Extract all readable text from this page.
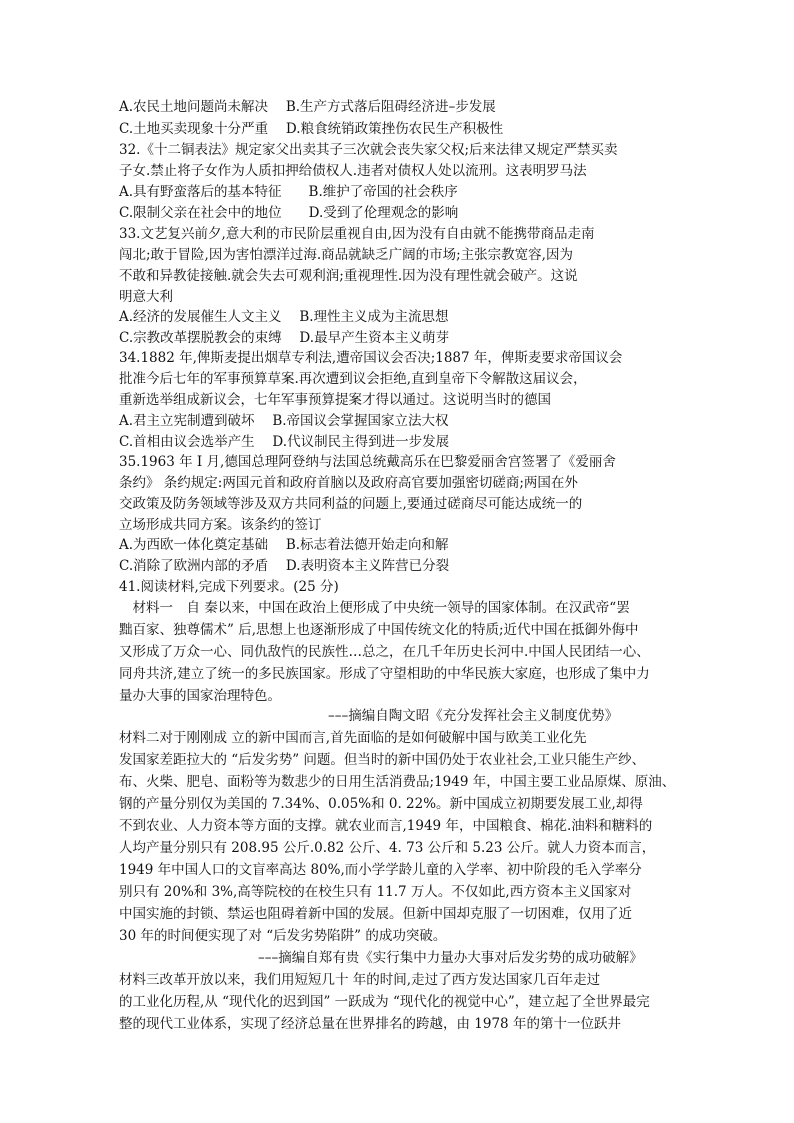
A.农民土地问题尚未解决　 B.生产方式落后阻碍经济进–步发展
C.土地买卖现象十分严重　 D.粮食统销政策挫伤农民生产积极性
32.《十二铜表法》规定家父出卖其子三次就会丧失家父权;后来法律又规定严禁买卖
子女.禁止将子女作为人质扣押给债权人.违者对债权人处以流刑。这表明罗马法
A.具有野蛮落后的基本特征　　B.维护了帝国的社会秩序
C.限制父亲在社会中的地位　　D.受到了伦理观念的影响
33.文艺复兴前夕,意大利的市民阶层重视自由,因为没有自由就不能携带商品走南
闯北;敢于冒险,因为害怕漂洋过海.商品就缺乏广阔的市场;主张宗教宽容,因为
不敢和异教徒接触.就会失去可观利润;重视理性.因为没有理性就会破产。这说
明意大利
A.经济的发展催生人文主义　 B.理性主义成为主流思想
C.宗教改革摆脱教会的束缚　 D.最早产生资本主义萌芽
34.1882 年,俾斯麦提出烟草专利法,遭帝国议会否决;1887 年，俾斯麦要求帝国议会
批准今后七年的军事预算草案.再次遭到议会拒绝,直到皇帝下令解散这届议会，
重新选举组成新议会，七年军事预算提案才得以通过。这说明当时的德国
A.君主立宪制遭到破坏　 B.帝国议会掌握国家立法大权
C.首相由议会选举产生　 D.代议制民主得到进一步发展
35.1963 年 I 月,德国总理阿登纳与法国总统戴高乐在巴黎爱丽舍宫签署了《爱丽舍
条约》 条约规定:两国元首和政府首脑以及政府高官要加强密切磋商;两国在外
交政策及防务领域等涉及双方共同利益的问题上,要通过磋商尽可能达成统一的
立场形成共同方案。该条约的签订
A.为西欧一体化奠定基础　 B.标志着法德开始走向和解
C.消除了欧洲内部的矛盾　 D.表明资本主义阵营已分裂
41.阅读材料,完成下列要求。(25 分)
　材料一　自 秦以来，中国在政治上便形成了中央统一领导的国家体制。在汉武帝“罢
黜百家、独尊儒术” 后,思想上也逐渐形成了中国传统文化的特质;近代中国在抵御外侮中
又形成了万众一心、同仇敌忾的民族性…总之，在几千年历史长河中.中国人民团结一心、
同舟共济,建立了统一的多民族国家。形成了守望相助的中华民族大家庭，也形成了集中力
量办大事的国家治理特色。
–––摘编自陶文昭《充分发挥社会主义制度优势》
材料二对于刚刚成 立的新中国而言,首先面临的是如何破解中国与欧美工业化先
发国家差距拉大的 “后发劣势” 问题。但当时的新中国仍处于农业社会,工业只能生产纱、
布、火柴、肥皂、面粉等为数悲少的日用生活消费品;1949 年，中国主要工业品原煤、原油、
钢的产量分别仅为美国的 7.34%、0.05%和 0. 22%。新中国成立初期要发展工业,却得
不到农业、人力资本等方面的支撑。就农业而言,1949 年，中国粮食、棉花.油料和糖料的
人均产量分别只有 208.95 公斤.0.82 公斤、4. 73 公斤和 5.23 公斤。就人力资本而言，
1949 年中国人口的文盲率高达 80%,而小学学龄儿童的入学率、初中阶段的毛入学率分
别只有 20%和 3%,高等院校的在校生只有 11.7 万人。不仅如此,西方资本主义国家对
中国实施的封锁、禁运也阻碍着新中国的发展。但新中国却克服了一切困难，仅用了近
30 年的时间便实现了对 “后发劣势陷阱” 的成功突破。
–––摘编自郑有贵《实行集中力量办大事对后发劣势的成功破解》
材料三改革开放以来，我们用短短几十 年的时间,走过了西方发达国家几百年走过
的工业化历程,从 “现代化的迟到国” 一跃成为 “现代化的视觉中心”，建立起了全世界最完
整的现代工业体系，实现了经济总量在世界排名的跨越，由 1978 年的第十一位跃井
